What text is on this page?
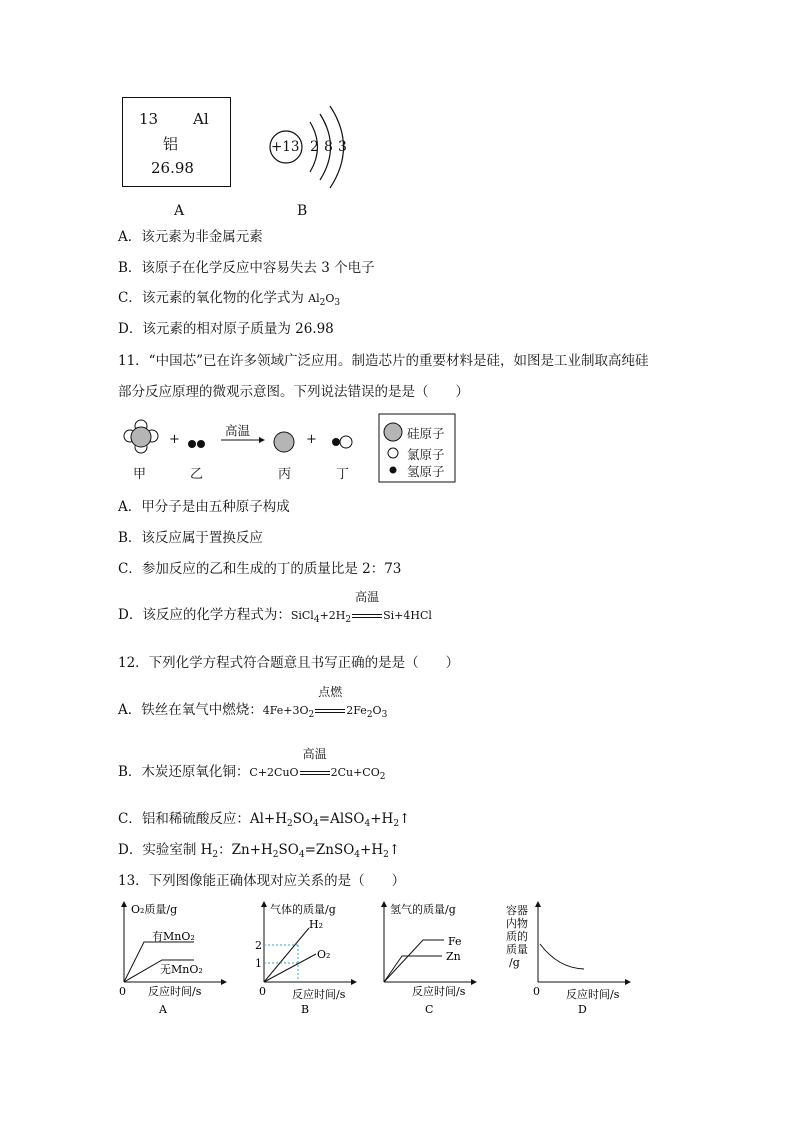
13 Al
铝
26.98
A
+13 2 8 3
B
A．该元素为非金属元素
B．该原子在化学反应中容易失去 3 个电子
C．该元素的氧化物的化学式为 $Al_2O_3$
D．该元素的相对原子质量为 26.98
11．“中国芯”已在许多领域广泛应用。制造芯片的重要材料是硅，如图是工业制取高纯硅
部分反应原理的微观示意图。下列说法错误的是是（　　）
高温
+	+
甲	乙	丙	丁
硅原子
氯原子
氢原子
A．甲分子是由五种原子构成
B．该反应属于置换反应
C．参加反应的乙和生成的丁的质量比是 2：73
D．该反应的化学方程式为：$SiCl_4+2H_2$
高温
Si+4HCl
12．下列化学方程式符合题意且书写正确的是是（　　）
A．铁丝在氧气中燃烧：$4Fe+3O_2$
点燃
$2Fe_2O_3$
B．木炭还原氧化铜：C+2CuO
高温
$2Cu+CO_2$
C．铝和稀硫酸反应：$Al+H_2SO_4=AlSO_4+H_2↑$
D．实验室制 $H_2$：$Zn+H_2SO_4=ZnSO_4+H_2↑$
13．下列图像能正确体现对应关系的是（　　）
O₂质量/g
有MnO₂
无MnO₂
0 反应时间/s
A
气体的质量/g
H₂
O₂
2
1
0 反应时间/s
B
氢气的质量/g
Fe
Zn
反应时间/s
C
容器
内物
质的
质量
/g
0 反应时间/s
D
